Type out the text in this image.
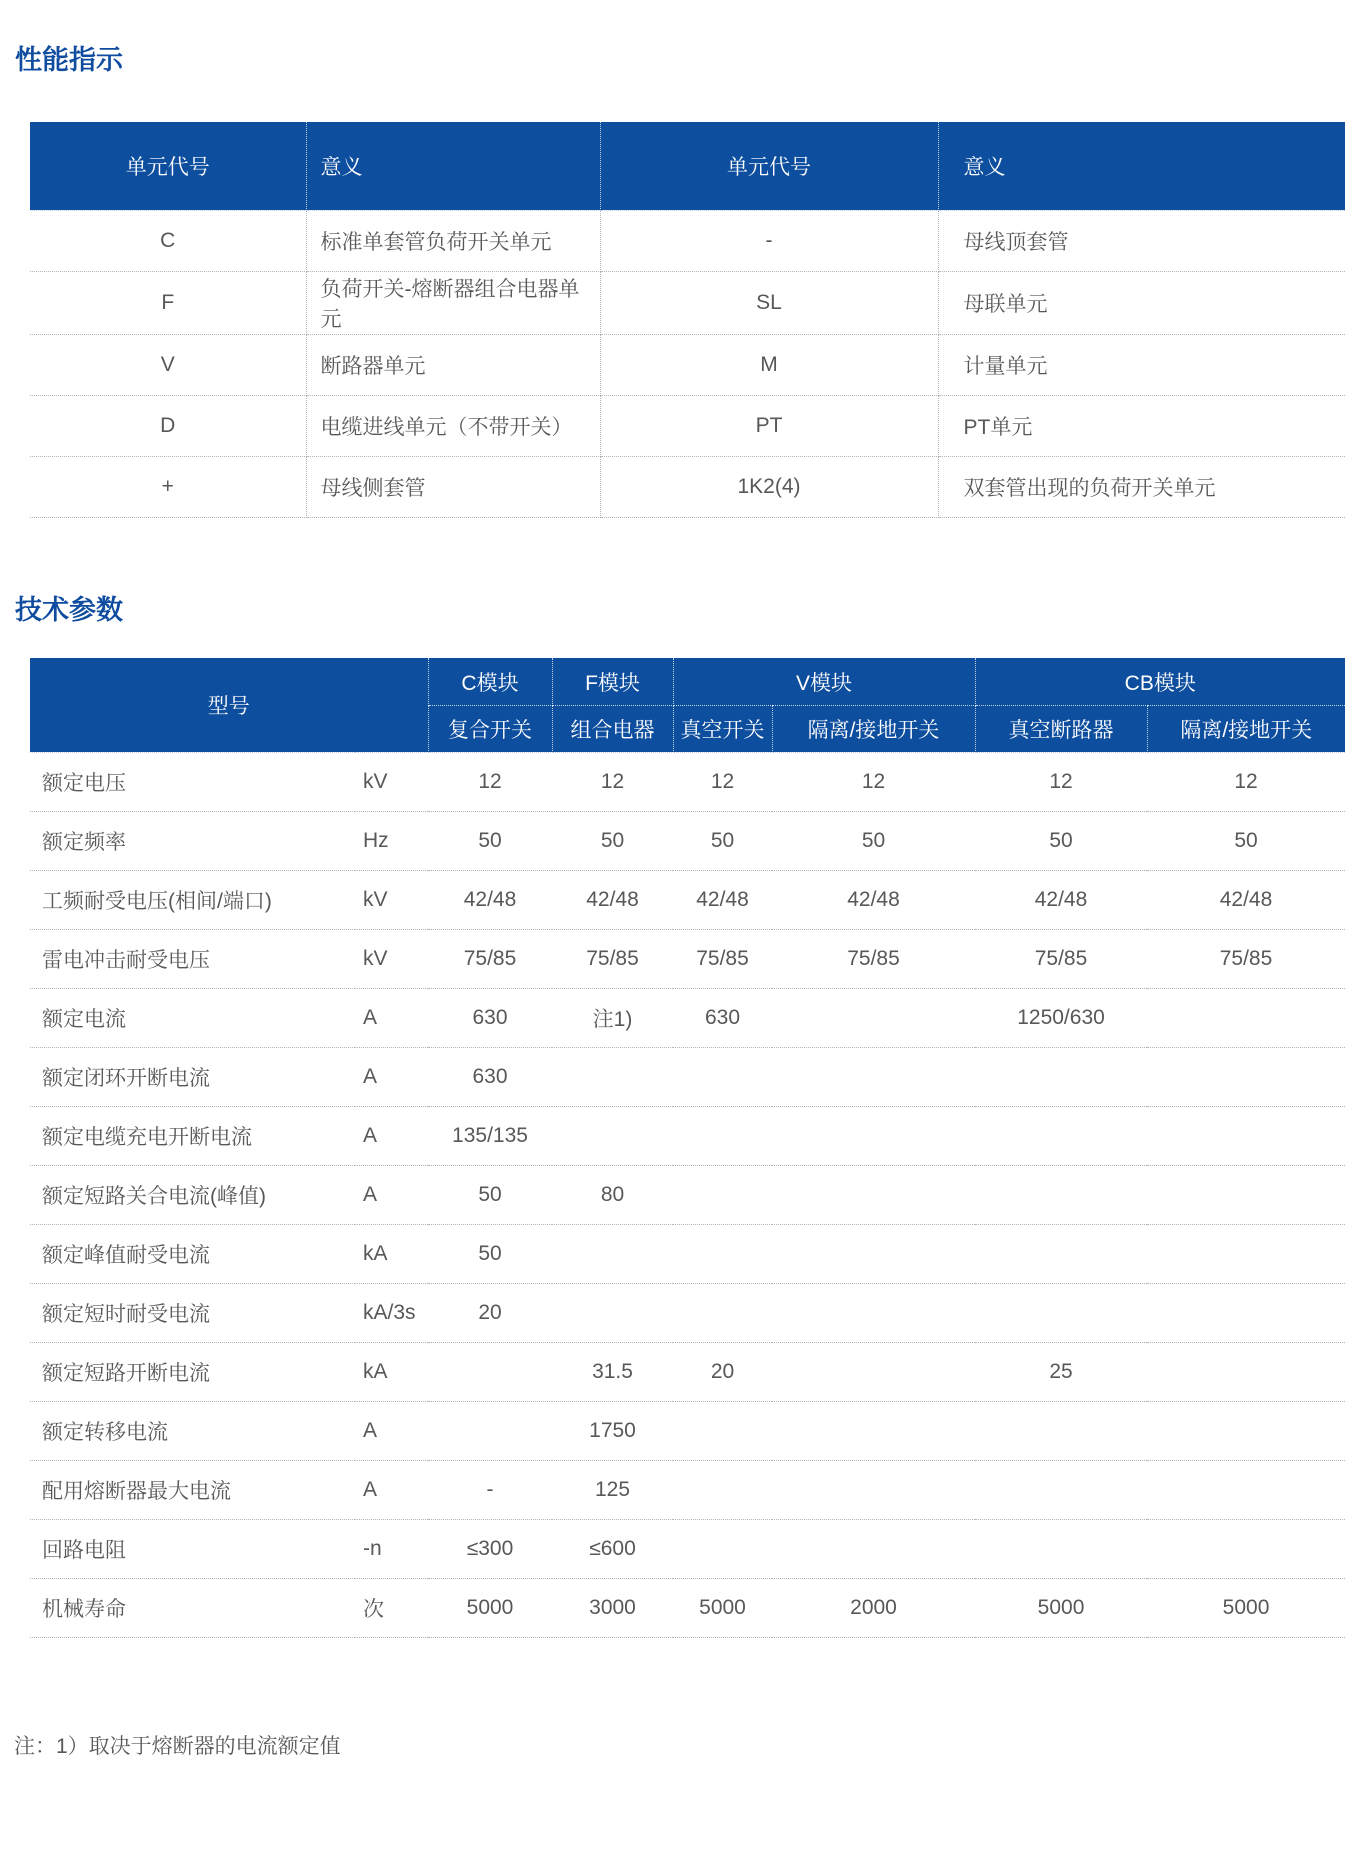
性能指示
单元代号	意义	单元代号	意义
C	标准单套管负荷开关单元	-	母线顶套管
F	负荷开关-熔断器组合电器单元	SL	母联单元
V	断路器单元	M	计量单元
D	电缆进线单元（不带开关）	PT	PT单元
+	母线侧套管	1K2(4)	双套管出现的负荷开关单元
技术参数
型号		C模块	F模块	V模块		CB模块	
		复合开关	组合电器	真空开关	隔离/接地开关	真空断路器	隔离/接地开关
额定电压	kV	12	12	12	12	12	12
额定频率	Hz	50	50	50	50	50	50
工频耐受电压(相间/端口)	kV	42/48	42/48	42/48	42/48	42/48	42/48
雷电冲击耐受电压	kV	75/85	75/85	75/85	75/85	75/85	75/85
额定电流	A	630	注1)	630		1250/630	
额定闭环开断电流	A	630					
额定电缆充电开断电流	A	135/135					
额定短路关合电流(峰值)	A	50	80				
额定峰值耐受电流	kA	50					
额定短时耐受电流	kA/3s	20					
额定短路开断电流	kA		31.5	20		25	
额定转移电流	A		1750				
配用熔断器最大电流	A	-	125				
回路电阻	-n	≤300	≤600				
机械寿命	次	5000	3000	5000	2000	5000	5000
注：1）取决于熔断器的电流额定值
